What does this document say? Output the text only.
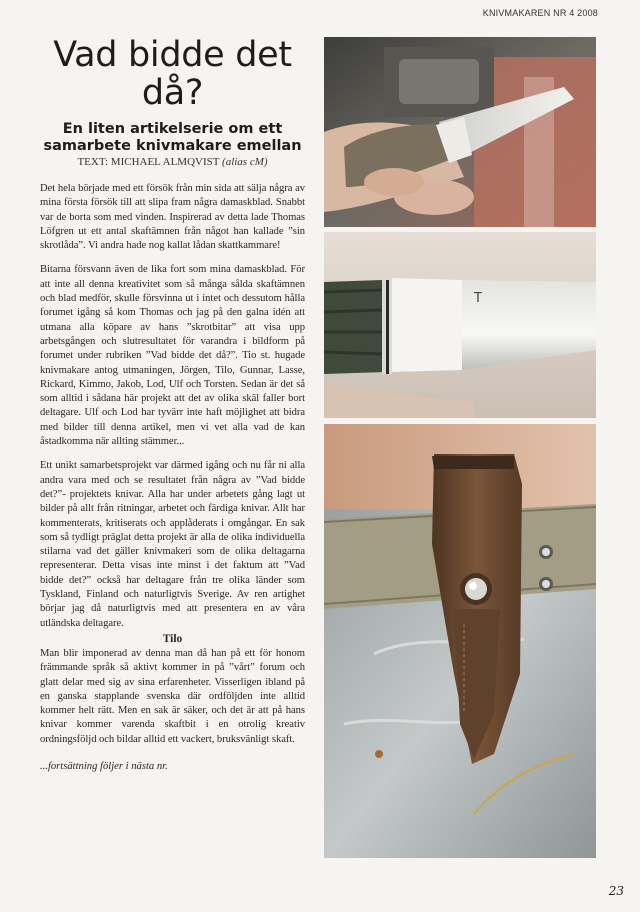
KNIVMAKAREN NR 4 2008
Vad bidde det då?
En liten artikelserie om ett samarbete knivmakare emellan
TEXT: MICHAEL ALMQVIST (alias cM)

Det hela började med ett försök från min sida att sälja några av mina första försök till att slipa fram några damaskblad. Snabbt var de borta som med vinden. Inspirerad av detta lade Thomas Löfgren ut ett antal skaftämnen från något han kallade ”sin skrotlåda”. Vi andra hade nog kallat lådan skattkammare!

Bitarna försvann även de lika fort som mina damaskblad. För att inte all denna kreativitet som så många sålda skaftämnen och blad medför, skulle försvinna ut i intet och dessutom hålla forumet igång så kom Thomas och jag på den galna idén att utmana alla köpare av hans ”skrotbitar” att visa upp arbetsgången och slutresultatet för varandra i bildform på forumet under rubriken ”Vad bidde det då?”. Tio st. hugade knivmakare antog utmaningen, Jörgen, Tilo, Gunnar, Lasse, Rickard, Kimmo, Jakob, Lod, Ulf och Torsten. Sedan är det så som alltid i sådana här projekt att det av olika skäl faller bort deltagare. Ulf och Lod har tyvärr inte haft möjlighet att bidra med bilder till denna artikel, men vi vet alla vad de kan åstadkomma när allting stämmer...

Ett unikt samarbetsprojekt var därmed igång och nu får ni alla andra vara med och se resultatet från några av ”Vad bidde det?”- projektets knivar. Alla har under arbetets gång lagt ut bilder på allt från ritningar, arbetet och färdiga knivar. Allt har kommenterats, kritiserats och applåderats i omgångar. En sak som så tydligt präglat detta projekt är alla de olika individuella stilarna vad det gäller knivmakeri som de olika deltagarna representerar. Detta visas inte minst i det faktum att ”Vad bidde det?” också har deltagare från tre olika länder som Tyskland, Finland och naturligtvis Sverige. Av ren artighet börjar jag då naturligtvis med att presentera en av våra utländska deltagare.

Tilo

Man blir imponerad av denna man då han på ett för honom främmande språk så aktivt kommer in på ”vårt” forum och glatt delar med sig av sina erfarenheter. Visserligen ibland på en ganska stapplande svenska där ordföljden inte alltid kommer helt rätt. Men en sak är säker, och det är att på hans knivar kommer varenda skaftbit i en otrolig kreativ ordningsföljd och bildar alltid ett vackert, bruksvänligt skaft.

...fortsättning följer i nästa nr.
T
23
